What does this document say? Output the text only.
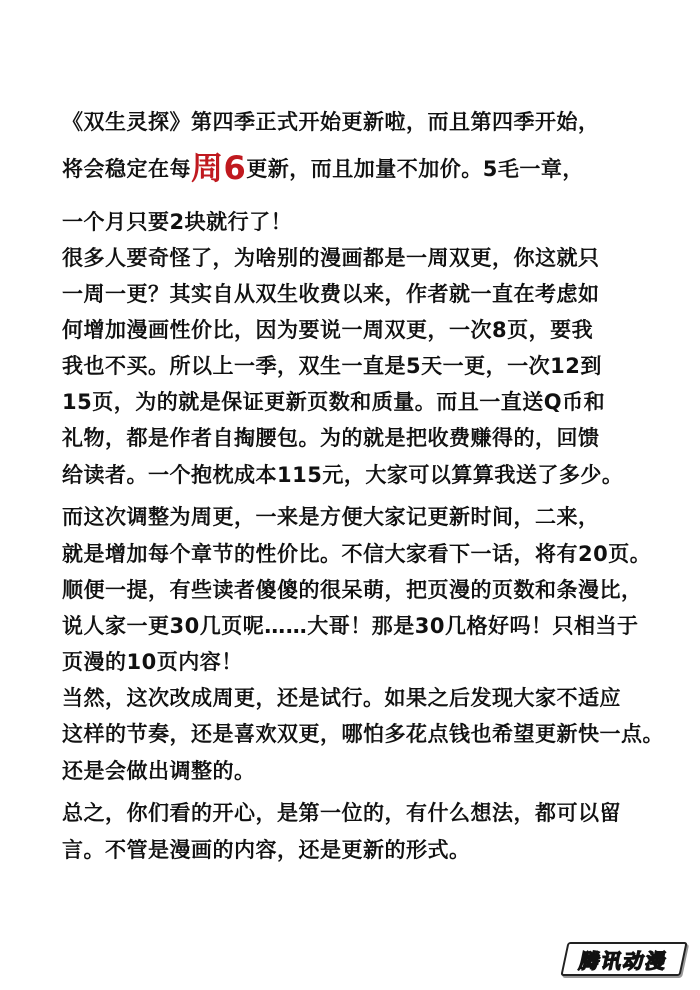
《双生灵探》第四季正式开始更新啦，而且第四季开始，
将会稳定在每周6更新，而且加量不加价。5毛一章，
一个月只要2块就行了！
很多人要奇怪了，为啥别的漫画都是一周双更，你这就只
一周一更？其实自从双生收费以来，作者就一直在考虑如
何增加漫画性价比，因为要说一周双更，一次8页，要我
我也不买。所以上一季，双生一直是5天一更，一次12到
15页，为的就是保证更新页数和质量。而且一直送Q币和
礼物，都是作者自掏腰包。为的就是把收费赚得的，回馈
给读者。一个抱枕成本115元，大家可以算算我送了多少。
而这次调整为周更，一来是方便大家记更新时间，二来，
就是增加每个章节的性价比。不信大家看下一话，将有20页。
顺便一提，有些读者傻傻的很呆萌，把页漫的页数和条漫比，
说人家一更30几页呢……大哥！那是30几格好吗！只相当于
页漫的10页内容！
当然，这次改成周更，还是试行。如果之后发现大家不适应
这样的节奏，还是喜欢双更，哪怕多花点钱也希望更新快一点。
还是会做出调整的。
总之，你们看的开心，是第一位的，有什么想法，都可以留
言。不管是漫画的内容，还是更新的形式。
腾讯动漫
